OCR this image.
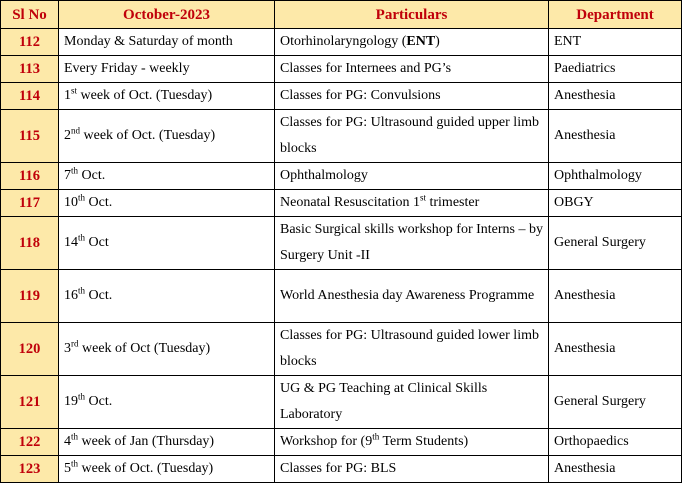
Sl No	October-2023	Particulars	Department
112	Monday & Saturday of month	Otorhinolaryngology (ENT)	ENT
113	Every Friday - weekly	Classes for Internees and PG’s	Paediatrics
114	1st week of Oct. (Tuesday)	Classes for PG: Convulsions	Anesthesia
115	2nd week of Oct. (Tuesday)	Classes for PG: Ultrasound guided upper limb blocks	Anesthesia
116	7th Oct.	Ophthalmology	Ophthalmology
117	10th Oct.	Neonatal Resuscitation 1st trimester	OBGY
118	14th Oct	Basic Surgical skills workshop for Interns – by Surgery Unit -II	General Surgery
119	16th Oct.	World Anesthesia day Awareness Programme	Anesthesia
120	3rd week of Oct (Tuesday)	Classes for PG: Ultrasound guided lower limb blocks	Anesthesia
121	19th Oct.	UG & PG Teaching at Clinical Skills Laboratory	General Surgery
122	4th week of Jan (Thursday)	Workshop for (9th Term Students)	Orthopaedics
123	5th week of Oct. (Tuesday)	Classes for PG: BLS	Anesthesia
